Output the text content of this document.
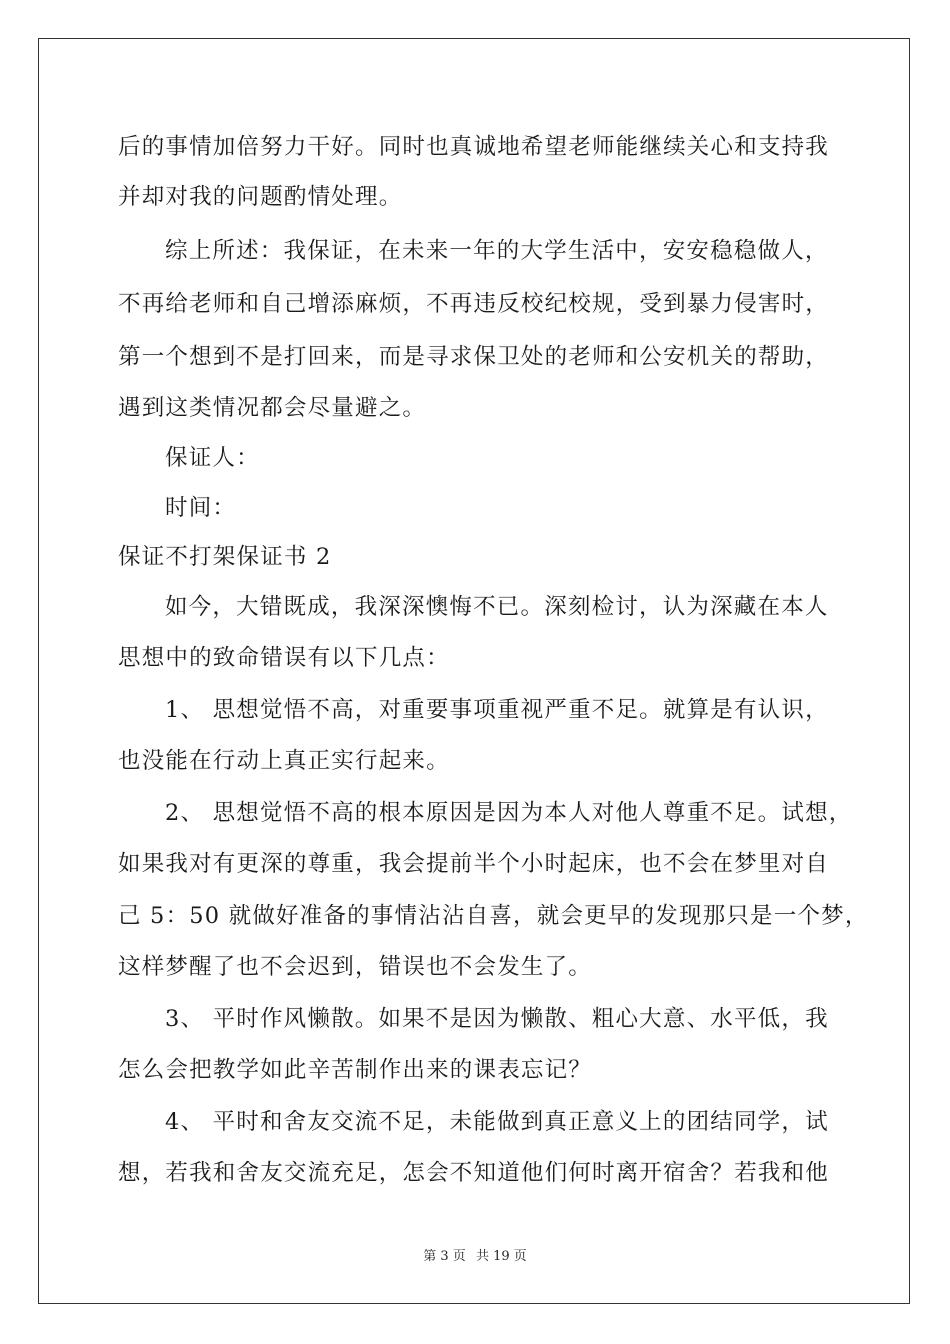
后的事情加倍努力干好。同时也真诚地希望老师能继续关心和支持我
并却对我的问题酌情处理。
综上所述：我保证，在未来一年的大学生活中，安安稳稳做人，
不再给老师和自己增添麻烦，不再违反校纪校规，受到暴力侵害时，
第一个想到不是打回来，而是寻求保卫处的老师和公安机关的帮助，
遇到这类情况都会尽量避之。
保证人：
时间：
保证不打架保证书 2
如今，大错既成，我深深懊悔不已。深刻检讨，认为深藏在本人
思想中的致命错误有以下几点：
1、 思想觉悟不高，对重要事项重视严重不足。就算是有认识，
也没能在行动上真正实行起来。
2、 思想觉悟不高的根本原因是因为本人对他人尊重不足。试想，
如果我对有更深的尊重，我会提前半个小时起床，也不会在梦里对自
己 5：50 就做好准备的事情沾沾自喜，就会更早的发现那只是一个梦，
这样梦醒了也不会迟到，错误也不会发生了。
3、 平时作风懒散。如果不是因为懒散、粗心大意、水平低，我
怎么会把教学如此辛苦制作出来的课表忘记？
4、 平时和舍友交流不足，未能做到真正意义上的团结同学，试
想，若我和舍友交流充足，怎会不知道他们何时离开宿舍？若我和他
第 3 页 共 19 页
